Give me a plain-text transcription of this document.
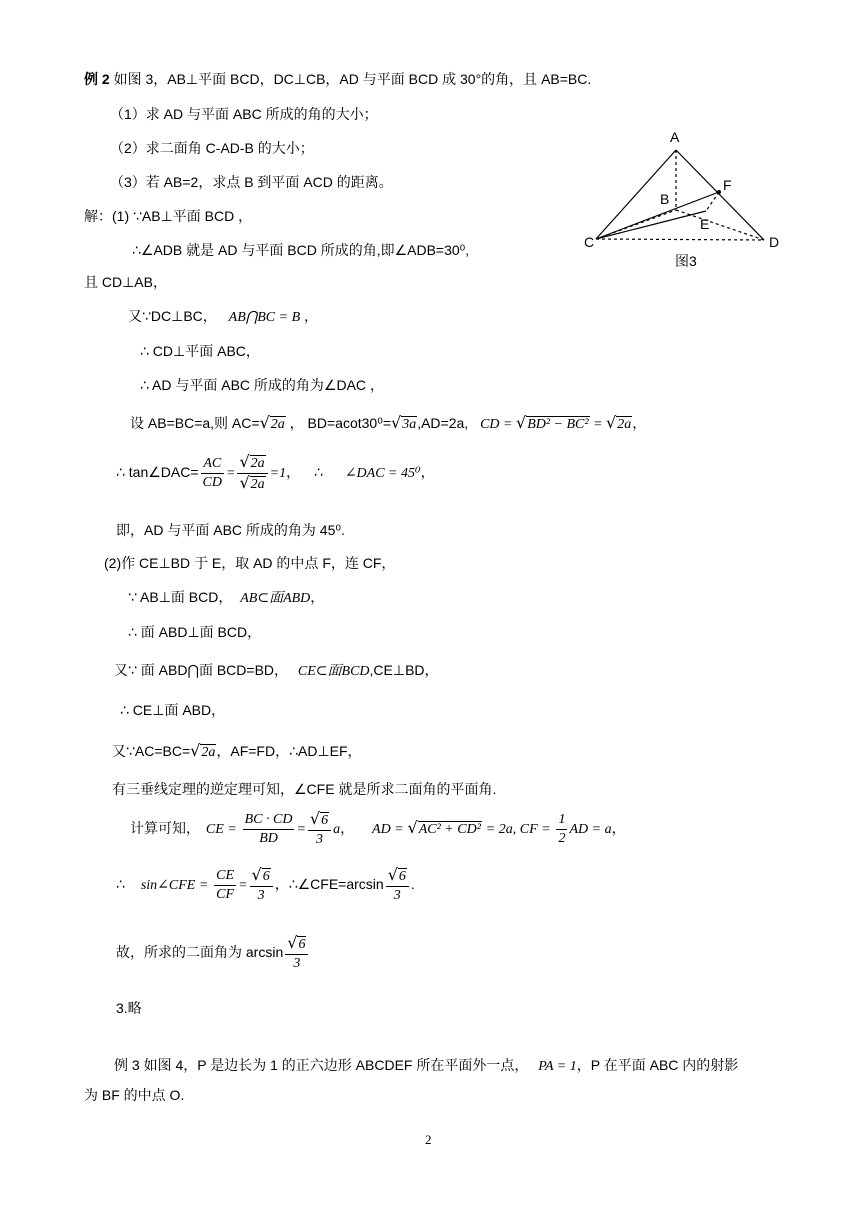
例 2 如图 3，AB⊥平面 BCD，DC⊥CB，AD 与平面 BCD 成 30°的角，且 AB=BC.
（1）求 AD 与平面 ABC 所成的角的大小；
（2）求二面角 C-AD-B 的大小；
（3）若 AB=2，求点 B 到平面 ACD 的距离。
A
B
F
E
C	D
图3
解：(1) ∵AB⊥平面 BCD ，
∴∠ADB 就是 AD 与平面 BCD 所成的角,即∠ADB=30⁰,
且 CD⊥AB，
又∵DC⊥BC， AB⋂BC = B ，
∴ CD⊥平面 ABC，
∴ AD 与平面 ABC 所成的角为∠DAC ，
设 AB=BC=a,则 AC=√2a ， BD=acot30⁰=√3a,AD=2a, CD = √BD² − BC² = √2a，
∴ tan∠DAC= $\frac{AC}{CD} = \frac{√2a}{√2a} =1$， ∴ ∠DAC = 45⁰，
即，AD 与平面 ABC 所成的角为 45⁰.
(2)作 CE⊥BD 于 E，取 AD 的中点 F，连 CF，
∵ AB⊥面 BCD， AB⊂面ABD，
∴ 面 ABD⊥面 BCD，
又∵ 面 ABD⋂面 BCD=BD， CE⊂面BCD,CE⊥BD，
∴ CE⊥面 ABD，
又∵AC=BC=√2a，AF=FD，∴AD⊥EF，
有三垂线定理的逆定理可知，∠CFE 就是所求二面角的平面角.
计算可知， CE = $\frac{BC \cdot CD}{BD} = \frac{√6}{3}$ a， AD = √AC² + CD² = 2a, CF = $\frac{1}{2}$ AD = a，
∴ sin∠CFE = $\frac{CE}{CF} = \frac{√6}{3}$ ，∴∠CFE=arcsin $\frac{√6}{3}$ .
故，所求的二面角为 $\arcsin \frac{√6}{3}$
3.略
例 3 如图 4，P 是边长为 1 的正六边形 ABCDEF 所在平面外一点， PA = 1，P 在平面 ABC 内的射影
为 BF 的中点 O.
2
